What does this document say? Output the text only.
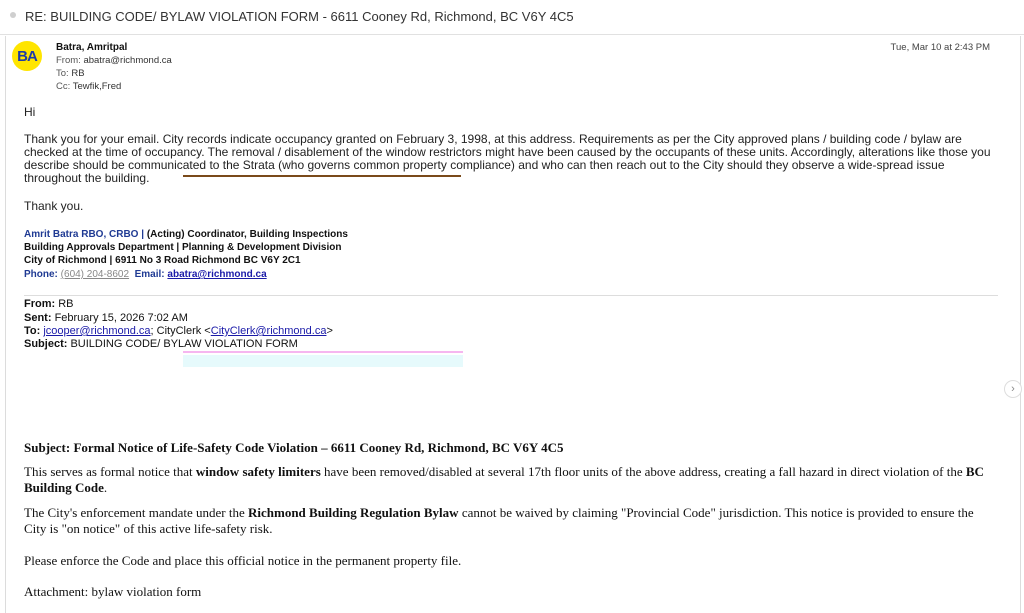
RE: BUILDING CODE/ BYLAW VIOLATION FORM - 6611 Cooney Rd, Richmond, BC V6Y 4C5
BA	Batra, Amritpal
From: abatra@richmond.ca
To: RB
Cc: Tewfik,Fred
Tue, Mar 10 at 2:43 PM
Hi
Thank you for your email. City records indicate occupancy granted on February 3, 1998, at this address. Requirements as per the City approved plans / building code / bylaw are checked at the time of occupancy. The removal / disablement of the window restrictors might have been caused by the occupants of these units. Accordingly, alterations like those you describe should be communicated to the Strata (who governs common property compliance) and who can then reach out to the City should they observe a wide-spread issue throughout the building.
Thank you.
Amrit Batra RBO, CRBO | (Acting) Coordinator, Building Inspections
Building Approvals Department | Planning & Development Division
City of Richmond | 6911 No 3 Road Richmond BC V6Y 2C1
Phone: (604) 204-8602 Email: abatra@richmond.ca
From: RB
Sent: February 15, 2026 7:02 AM
To: jcooper@richmond.ca; CityClerk <CityClerk@richmond.ca>
Subject: BUILDING CODE/ BYLAW VIOLATION FORM
›
Subject: Formal Notice of Life-Safety Code Violation – 6611 Cooney Rd, Richmond, BC V6Y 4C5
This serves as formal notice that window safety limiters have been removed/disabled at several 17th floor units of the above address, creating a fall hazard in direct violation of the BC Building Code.
The City's enforcement mandate under the Richmond Building Regulation Bylaw cannot be waived by claiming "Provincial Code" jurisdiction. This notice is provided to ensure the City is "on notice" of this active life-safety risk.
Please enforce the Code and place this official notice in the permanent property file.
Attachment: bylaw violation form
